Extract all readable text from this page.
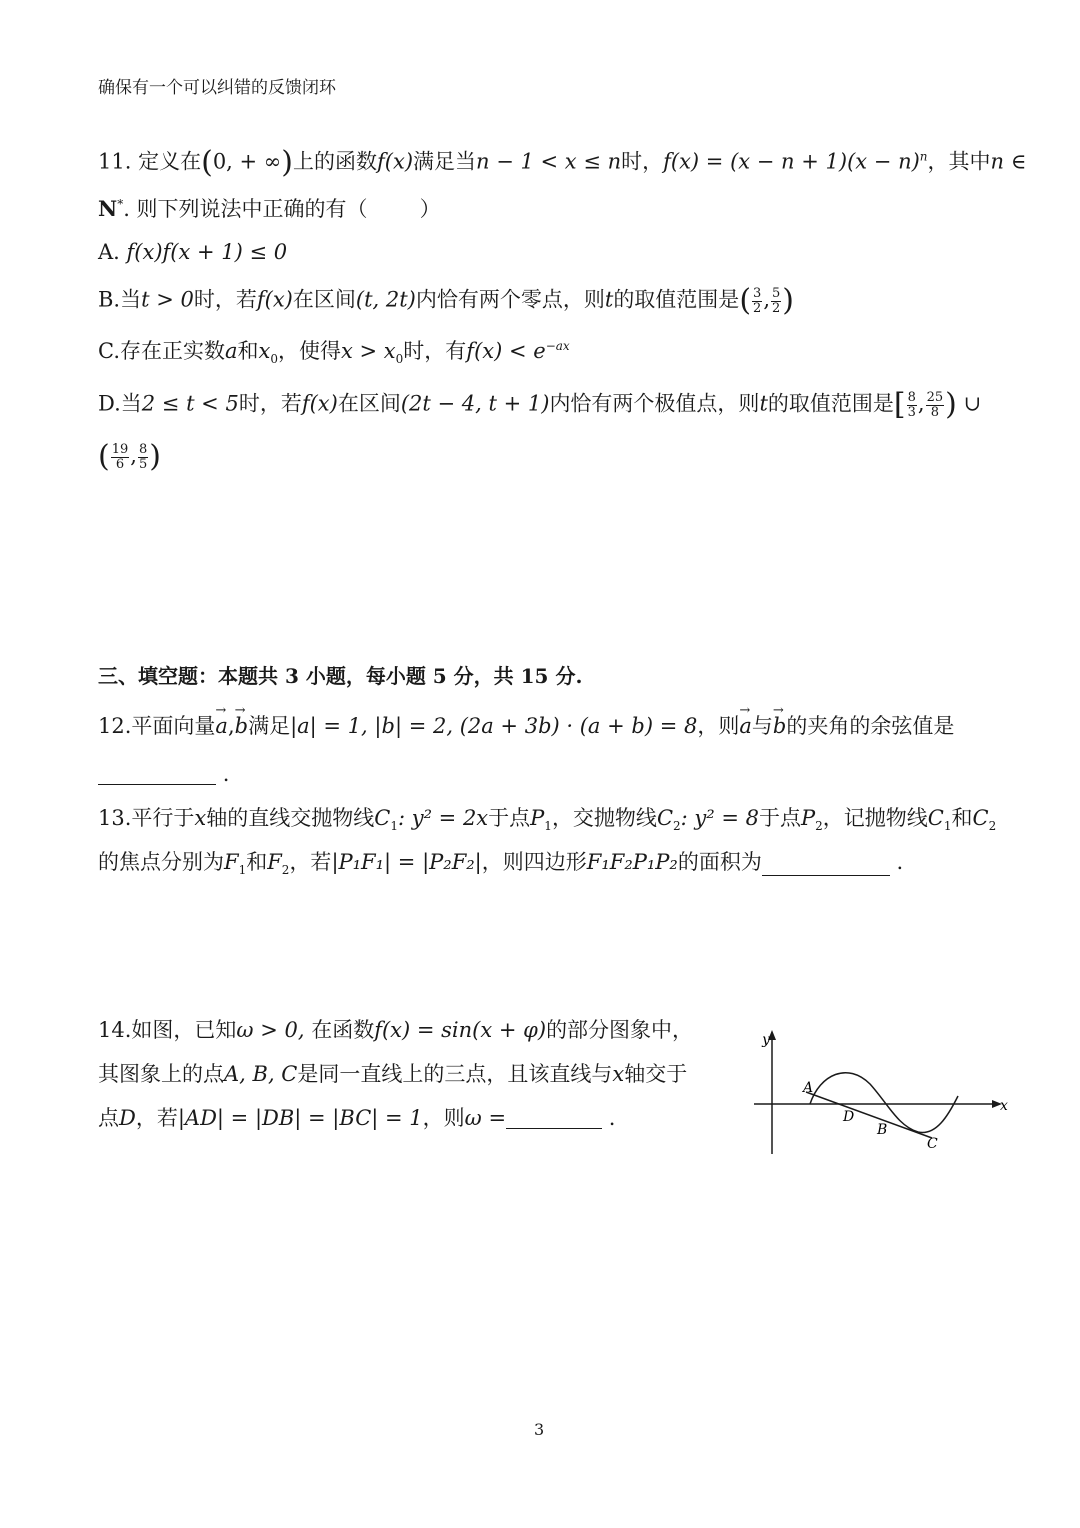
确保有一个可以纠错的反馈闭环
11. 定义在(0, + ∞)上的函数f(x)满足当n − 1 < x ≤ n时，$f(x) = (x - n + 1)(x - n)^n$，其中n ∈
N*. 则下列说法中正确的有（ ）
A. f(x)f(x + 1) ≤ 0
B.当t > 0时，若f(x)在区间(t, 2t)内恰有两个零点，则t的取值范围是( $\frac{3}{2}$ , $\frac{5}{2}$ )
C.存在正实数a和$x_0$，使得$x > x_0$时，有$f(x) < e^{-ax}$
D.当2 ≤ t < 5时，若f(x)在区间(2t − 4, t + 1)内恰有两个极值点，则t的取值范围是[ $\frac{8}{3}$ , $\frac{25}{8}$ ) ∪
( $\frac{19}{6}$ , $\frac{8}{5}$ )
三、填空题：本题共 3 小题，每小题 5 分，共 15 分.
12.平面向量→ a,→ b满足|a| = 1, |b| = 2, (2a + 3b) · (a + b) = 8，则→ a与→ b的夹角的余弦值是
.
13.平行于x轴的直线交抛物线$C_1$: y² = 2x于点$P_1$，交抛物线$C_2$: y² = 8于点$P_2$，记抛物线$C_1$和$C_2$
的焦点分别为$F_1$和$F_2$，若|P₁F₁| = |P₂F₂|，则四边形F₁F₂P₁P₂的面积为	.
14.如图，已知ω > 0, 在函数f(x) = sin(x + φ)的部分图象中，
其图象上的点A, B, C是同一直线上的三点，且该直线与x轴交于
点D，若|AD| = |DB| = |BC| = 1，则ω =	.
y
x
A
D
B
C
3
